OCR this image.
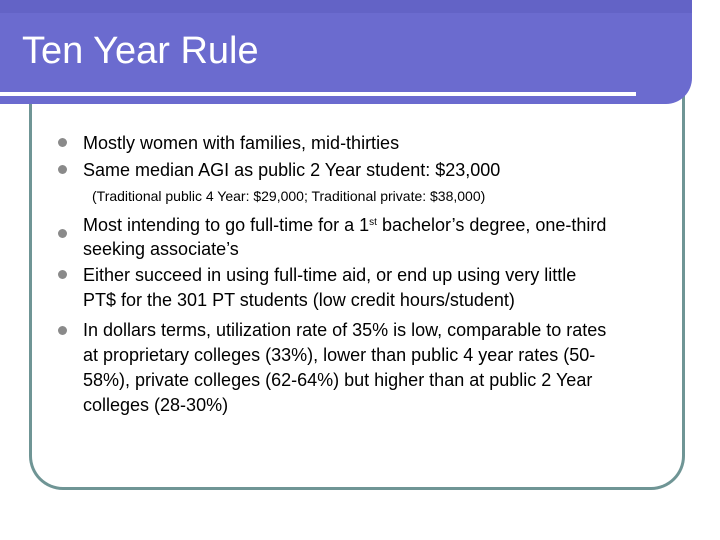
Ten Year Rule
Mostly women with families, mid-thirties
Same median AGI as public 2 Year student: $23,000
(Traditional public 4 Year: $29,000; Traditional private: $38,000)
Most intending to go full-time for a 1st bachelor’s degree, one-third
seeking associate’s
Either succeed in using full-time aid, or end up using very little
PT$ for the 301 PT students (low credit hours/student)
In dollars terms, utilization rate of 35% is low, comparable to rates
at proprietary colleges (33%), lower than public 4 year rates (50-
58%), private colleges (62-64%) but higher than at public 2 Year
colleges (28-30%)
